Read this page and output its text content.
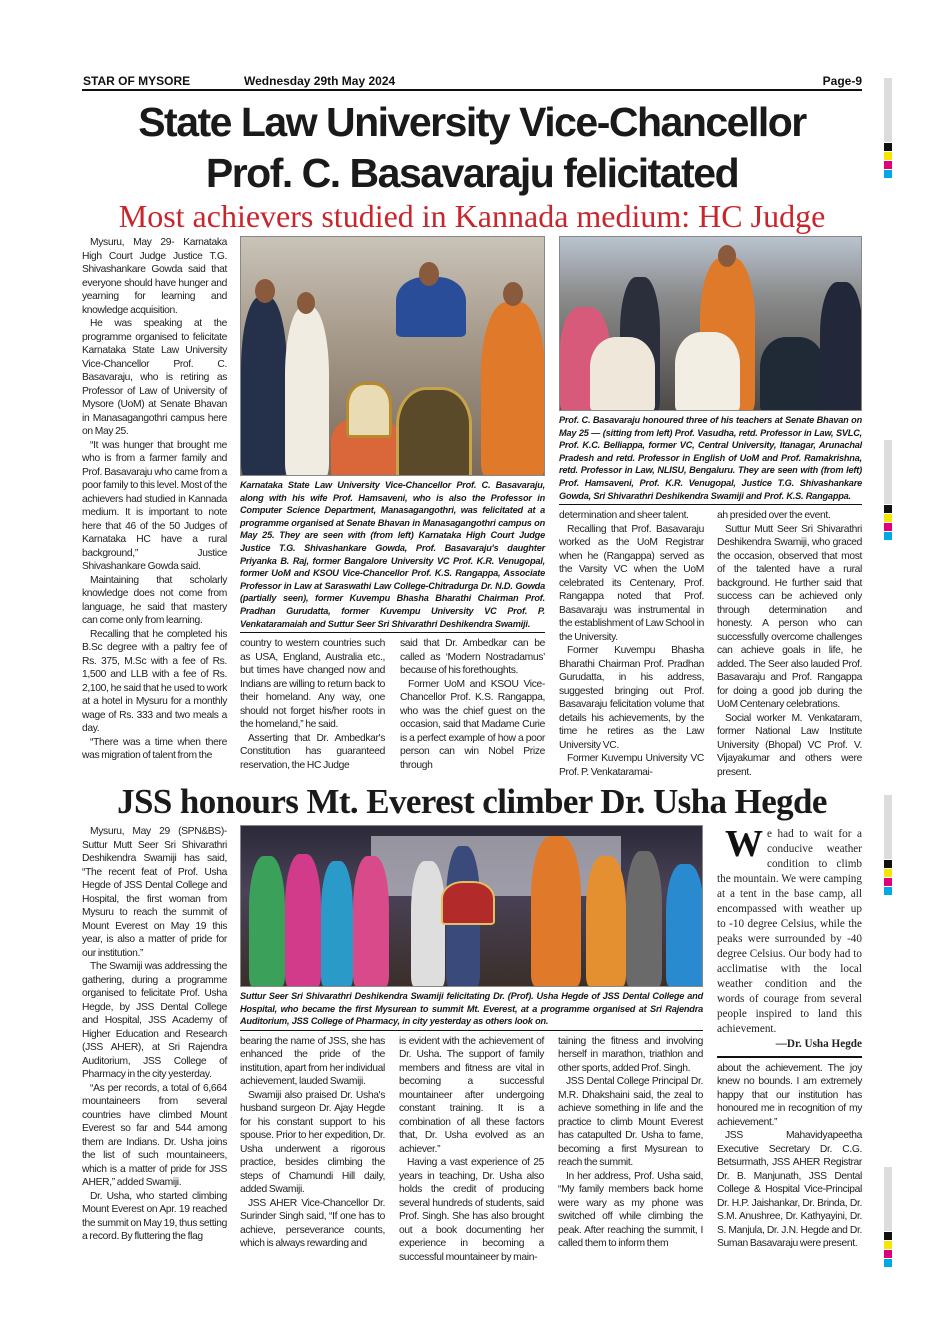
STAR OF MYSORE	Wednesday 29th May 2024	Page-9
State Law University Vice-Chancellor
Prof. C. Basavaraju felicitated
Most achievers studied in Kannada medium: HC Judge

Mysuru, May 29- Karnataka High Court Judge Justice T.G. Shivashankare Gowda said that everyone should have hunger and yearning for learning and knowledge acquisition.

He was speaking at the programme organised to felicitate Karnataka State Law University Vice-Chancellor Prof. C. Basavaraju, who is retiring as Professor of Law of University of Mysore (UoM) at Senate Bhavan in Manasagangothri campus here on May 25.

“It was hunger that brought me who is from a farmer family and Prof. Basavaraju who came from a poor family to this level. Most of the achievers had studied in Kannada medium. It is important to note here that 46 of the 50 Judges of Karnataka HC have a rural background,” Justice Shivashankare Gowda said.

Maintaining that scholarly knowledge does not come from language, he said that mastery can come only from learning.

Recalling that he completed his B.Sc degree with a paltry fee of Rs. 375, M.Sc with a fee of Rs. 1,500 and LLB with a fee of Rs. 2,100, he said that he used to work at a hotel in Mysuru for a monthly wage of Rs. 333 and two meals a day.

“There was a time when there was migration of talent from the

Karnataka State Law University Vice-Chancellor Prof. C. Basavaraju, along with his wife Prof. Hamsaveni, who is also the Professor in Computer Science Department, Manasagangothri, was felicitated at a programme organised at Senate Bhavan in Manasagangothri campus on May 25. They are seen with (from left) Karnataka High Court Judge Justice T.G. Shivashankare Gowda, Prof. Basavaraju's daughter Priyanka B. Raj, former Bangalore University VC Prof. K.R. Venugopal, former UoM and KSOU Vice-Chancellor Prof. K.S. Rangappa, Associate Professor in Law at Saraswathi Law College-Chitradurga Dr. N.D. Gowda (partially seen), former Kuvempu Bhasha Bharathi Chairman Prof. Pradhan Gurudatta, former Kuvempu University VC Prof. P. Venkataramaiah and Suttur Seer Sri Shivarathri Deshikendra Swamiji.

country to western countries such as USA, England, Australia etc., but times have changed now and Indians are willing to return back to their homeland. Any way, one should not forget his/her roots in the homeland,” he said.

Asserting that Dr. Ambedkar's Constitution has guaranteed reservation, the HC Judge

said that Dr. Ambedkar can be called as ‘Modern Nostradamus’ because of his forethoughts.

Former UoM and KSOU Vice-Chancellor Prof. K.S. Rangappa, who was the chief guest on the occasion, said that Madame Curie is a perfect example of how a poor person can win Nobel Prize through

Prof. C. Basavaraju honoured three of his teachers at Senate Bhavan on May 25 — (sitting from left) Prof. Vasudha, retd. Professor in Law, SVLC, Prof. K.C. Belliappa, former VC, Central University, Itanagar, Arunachal Pradesh and retd. Professor in English of UoM and Prof. Ramakrishna, retd. Professor in Law, NLISU, Bengaluru. They are seen with (from left) Prof. Hamsaveni, Prof. K.R. Venugopal, Justice T.G. Shivashankare Gowda, Sri Shivarathri Deshikendra Swamiji and Prof. K.S. Rangappa.

determination and sheer talent.

Recalling that Prof. Basavaraju worked as the UoM Registrar when he (Rangappa) served as the Varsity VC when the UoM celebrated its Centenary, Prof. Rangappa noted that Prof. Basavaraju was instrumental in the establishment of Law School in the University.

Former Kuvempu Bhasha Bharathi Chairman Prof. Pradhan Gurudatta, in his address, suggested bringing out Prof. Basavaraju felicitation volume that details his achievements, by the time he retires as the Law University VC.

Former Kuvempu University VC Prof. P. Venkataramai-

ah presided over the event.

Suttur Mutt Seer Sri Shivarathri Deshikendra Swamiji, who graced the occasion, observed that most of the talented have a rural background. He further said that success can be achieved only through determination and honesty. A person who can successfully overcome challenges can achieve goals in life, he added. The Seer also lauded Prof. Basavaraju and Prof. Rangappa for doing a good job during the UoM Centenary celebrations.

Social worker M. Venkataram, former National Law Institute University (Bhopal) VC Prof. V. Vijayakumar and others were present.

JSS honours Mt. Everest climber Dr. Usha Hegde

Mysuru, May 29 (SPN&BS)- Suttur Mutt Seer Sri Shivarathri Deshikendra Swamiji has said, “The recent feat of Prof. Usha Hegde of JSS Dental College and Hospital, the first woman from Mysuru to reach the summit of Mount Everest on May 19 this year, is also a matter of pride for our institution.”

The Swamiji was addressing the gathering, during a programme organised to felicitate Prof. Usha Hegde, by JSS Dental College and Hospital, JSS Academy of Higher Education and Research (JSS AHER), at Sri Rajendra Auditorium, JSS College of Pharmacy in the city yesterday.

“As per records, a total of 6,664 mountaineers from several countries have climbed Mount Everest so far and 544 among them are Indians. Dr. Usha joins the list of such mountaineers, which is a matter of pride for JSS AHER,” added Swamiji.

Dr. Usha, who started climbing Mount Everest on Apr. 19 reached the summit on May 19, thus setting a record. By fluttering the flag

Suttur Seer Sri Shivarathri Deshikendra Swamiji felicitating Dr. (Prof). Usha Hegde of JSS Dental College and Hospital, who became the first Mysurean to summit Mt. Everest, at a programme organised at Sri Rajendra Auditorium, JSS College of Pharmacy, in city yesterday as others look on.

bearing the name of JSS, she has enhanced the pride of the institution, apart from her individual achievement, lauded Swamiji.

Swamiji also praised Dr. Usha's husband surgeon Dr. Ajay Hegde for his constant support to his spouse. Prior to her expedition, Dr. Usha underwent a rigorous practice, besides climbing the steps of Chamundi Hill daily, added Swamiji.

JSS AHER Vice-Chancellor Dr. Surinder Singh said, “If one has to achieve, perseverance counts, which is always rewarding and

is evident with the achievement of Dr. Usha. The support of family members and fitness are vital in becoming a successful mountaineer after undergoing constant training. It is a combination of all these factors that, Dr. Usha evolved as an achiever.”

Having a vast experience of 25 years in teaching, Dr. Usha also holds the credit of producing several hundreds of students, said Prof. Singh. She has also brought out a book documenting her experience in becoming a successful mountaineer by main-

taining the fitness and involving herself in marathon, triathlon and other sports, added Prof. Singh.

JSS Dental College Principal Dr. M.R. Dhakshaini said, the zeal to achieve something in life and the practice to climb Mount Everest has catapulted Dr. Usha to fame, becoming a first Mysurean to reach the summit.

In her address, Prof. Usha said, “My family members back home were wary as my phone was switched off while climbing the peak. After reaching the summit, I called them to inform them

We had to wait for a conducive weather condition to climb the mountain. We were camping at a tent in the base camp, all encompassed with weather up to -10 degree Celsius, while the peaks were surrounded by -40 degree Celsius. Our body had to acclimatise with the local weather condition and the words of courage from several people inspired to land this achievement.
—Dr. Usha Hegde

about the achievement. The joy knew no bounds. I am extremely happy that our institution has honoured me in recognition of my achievement.”

JSS Mahavidyapeetha Executive Secretary Dr. C.G. Betsurmath, JSS AHER Registrar Dr. B. Manjunath, JSS Dental College & Hospital Vice-Principal Dr. H.P. Jaishankar, Dr. Brinda, Dr. S.M. Anushree, Dr. Kathyayini, Dr. S. Manjula, Dr. J.N. Hegde and Dr. Suman Basavaraju were present.
